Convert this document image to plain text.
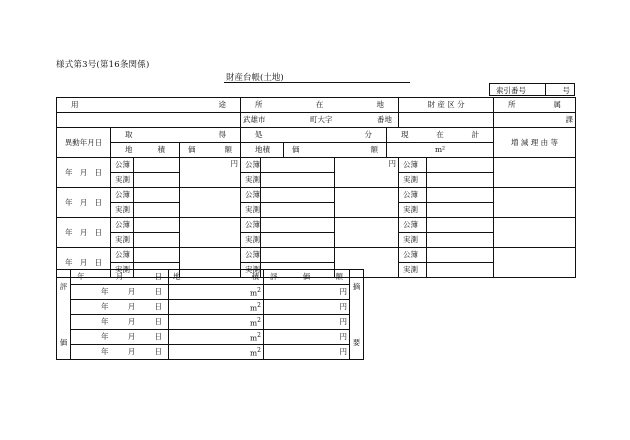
様式第3号(第16条関係)
財産台帳(土地)
索引番号	号
用途				所在地					財 産 区 分		所属

				武雄市 町大字 番地							課
異動年月日	取得			処分				現在計			増 減 理 由 等

	地積		価額	地積		価額		m²			

年 月 日	公簿		円	公簿			円		公簿		
	実測			実測					実測		

年 月 日	公簿			公簿					公簿		
	実測			実測					実測		

年 月 日	公簿			公簿					公簿		
	実測			実測					実測		

年 月 日	公簿			公簿					公簿		
	実測			実測					実測		
評
価	年 月 日	地積	評価額	摘
要	

	年 月 日	$m^2$	円		

	年 月 日	$m^2$	円		

	年 月 日	$m^2$	円		

	年 月 日	$m^2$	円		

	年 月 日	$m^2$	円		
